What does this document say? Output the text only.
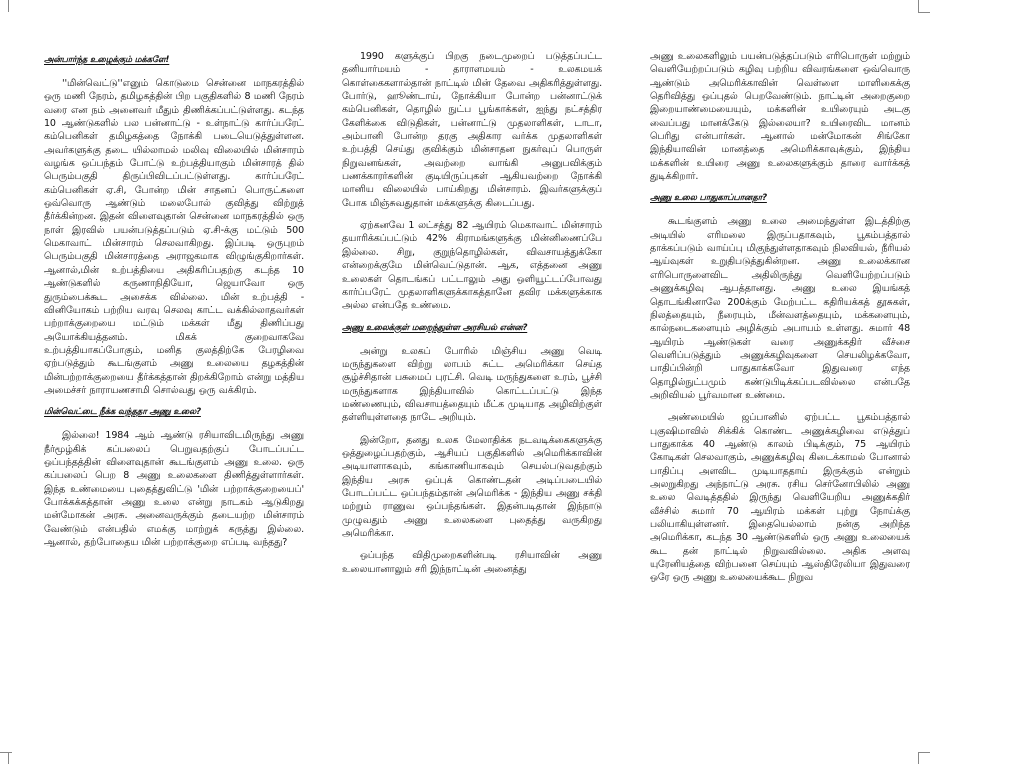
அன்பார்ந்த உழைக்கும் மக்களே!

''மின்வெட்டு''எனும் கொடுமை சென்னை மாநகரத்தில் ஒரு மணி நேரம், தமிழகத்தின் பிற பகுதிகளில் 8 மணி நேரம் வரை என நம் அனைவர் மீதும் திணிக்கப்பட்டுள்ளது. கடந்த 10 ஆண்டுகளில் பல பன்னாட்டு - உள்நாட்டு கார்ப்பரேட் கம்பெனிகள் தமிழகத்தை நோக்கி படையெடுத்துள்ளன. அவர்களுக்கு தடை யில்லாமல் மலிவு விலையில் மின்சாரம் வழங்க ஒப்பந்தம் போட்டு உற்பத்தியாகும் மின்சாரத் தில் பெரும்பகுதி திருப்பிவிடப்பட்டுள்ளது. கார்ப்பரேட் கம்பெனிகள் ஏ.சி, போன்ற மின் சாதனப் பொருட்களை ஒவ்வொரு ஆண்டும் மலைபோல் குவித்து விற்றுத் தீர்க்கின்றன. இதன் விளைவுதான் சென்னை மாநகரத்தில் ஒரு நாள் இரவில் பயன்படுத்தப்படும் ஏ.சி-க்கு மட்டும் 500 மெகாவாட் மின்சாரம் செலவாகிறது. இப்படி ஒருபுறம் பெரும்பகுதி மின்சாரத்தை அராஜகமாக விழுங்குகிறார்கள். ஆனால்,மின் உற்பத்தியை அதிகரிப்பதற்கு கடந்த 10 ஆண்டுகளில் கருணாநிதியோ, ஜெயாவோ ஒரு துரும்பைக்கூட அசைக்க வில்லை. மின் உற்பத்தி - வினியோகம் பற்றிய வரவு செலவு காட்ட வக்கில்லாதவர்கள் பற்றாக்குறையை மட்டும் மக்கள் மீது திணிப்பது அயோக்கியத்தனம். மிகக் குறைவாகவே உற்பத்தியாகப்போகும், மனித குலத்திற்கே பேரழிவை ஏற்படுத்தும் கூடங்குளம் அணு உலையை தழகத்தின் மின்பற்றாக்குறையை தீர்க்கத்தான் திறக்கிறோம் என்று மத்திய அமைச்சர் நாராயணசாமி சொல்வது ஒரு வக்கிரம்.

மின்வெட்டை நீக்க வந்ததா அணு உலை?

இல்லை! 1984 ஆம் ஆண்டு ரசியாவிடமிருந்து அணு நீர்மூழ்கிக் கப்பலைப் பெறுவதற்குப் போடப்பட்ட ஒப்பந்தத்தின் விளைவுதான் கூடங்குளம் அணு உலை. ஒரு கப்பலைப் பெற 8 அணு உலைகளை திணித்துள்ளார்கள். இந்த உண்மையை புதைத்துவிட்டு 'மின் பற்றாக்குறையைப்' போக்கக்கத்தான் அணு உலை என்று நாடகம் ஆடுகிறது மன்மோகன் அரசு. அனைவருக்கும் தடையற்ற மின்சாரம் வேண்டும் என்பதில் எமக்கு மாற்றுக் கருத்து இல்லை. ஆனால், தற்போதைய மின் பற்றாக்குறை எப்படி வந்தது?

1990 களுக்குப் பிறகு நடைமுறைப் படுத்தப்பட்ட தனியார்மயம் - தாராளமயம் - உலகமயக் கொள்கைகளால்தான் நாட்டில் மின் தேவை அதிகரித்துள்ளது. போர்டு, ஹூண்டாய், நோக்கியா போன்ற பன்னாட்டுக் கம்பெனிகள், தொழில் நுட்ப பூங்காக்கள், ஐந்து நட்சத்திர கேளிக்கை விடுதிகள், பன்னாட்டு முதலாளிகள், டாடா, அம்பானி போன்ற தரகு அதிகார வர்க்க முதலாளிகள் உற்பத்தி செய்து குவிக்கும் மின்சாதன நுகர்வுப் பொருள் நிறுவனங்கள், அவற்றை வாங்கி அனுபவிக்கும் பணக்காரர்களின் குடியிருப்புகள் ஆகியவற்றை நோக்கி மானிய விலையில் பாய்கிறது மின்சாரம். இவர்களுக்குப் போக மிஞ்சுவதுதான் மக்களுக்கு கிடைப்பது.

ஏற்கனவே 1 லட்சத்து 82 ஆயிரம் மெகாவாட் மின்சாரம் தயாரிக்கப்பட்டும் 42% கிராமங்களுக்கு மின்னிணைப்பே இல்லை. சிறு, குறுந்தொழில்கள், விவசாயத்துக்கோ என்றைக்குமே மின்வெட்டுதான். ஆக, எத்தனை அணு உலைகள் தொடங்கப் பட்டாலும் அது ஒளியூட்டப்போவது கார்ப்பரேட் முதலாளிகளுக்காகத்தானே தவிர மக்களுக்காக அல்ல என்பதே உண்மை.

அணு உலைக்குள் மறைந்துள்ள அரசியல் என்ன?

அன்று உலகப் போரில் மிஞ்சிய அணு வெடி மருந்துகளை விற்று லாபம் சுட்ட அமெரிக்கா செய்த சூழ்ச்சிதான் பசுமைப் புரட்சி. வெடி மருந்துகளை உரம், பூச்சி மருந்துகளாக இந்தியாவில் கொட்டப்பட்டு இந்த மண்ணையும், விவசாயத்தையும் மீட்க முடியாத அழிவிற்குள் தள்ளியுள்ளதை நாடே அறியும்.

இன்றோ, தனது உலக மேலாதிக்க நடவடிக்கைகளுக்கு ஒத்துழைப்பதற்கும், ஆசியப் பகுதிகளில் அமெரிக்காவின் அடியாளாகவும், கங்காணியாகவும் செயல்படுவதற்கும் இந்திய அரசு ஒப்புக் கொண்டதன் அடிப்படையில் போடப்பட்ட ஒப்பந்தம்தான் அமெரிக்க - இந்திய அணு சக்தி மற்றும் ராணுவ ஒப்பந்தங்கள். இதன்படிதான் இந்நாடு முழுவதும் அணு உலைகளை புதைத்து வருகிறது அமெரிக்கா.

ஒப்பந்த விதிமுறைகளின்படி ரசியாவின் அணு உலையானாலும் சரி இந்நாட்டின் அனைத்து

அணு உலைகளிலும் பயன்படுத்தப்படும் எரிபொருள் மற்றும் வெளியேற்றப்படும் கழிவு பற்றிய விவரங்களை ஒவ்வொரு ஆண்டும் அமெரிக்காவின் வெள்ளை மாளிகைக்கு தெரிவித்து ஒப்புதல் பெறவேண்டும். நாட்டின் அறைகுறை இறையாண்மையையும், மக்களின் உயிரையும் அடகு வைப்பது மானக்கேடு இல்லையா? உயிரைவிட மானம் பெரிது என்பார்கள். ஆனால் மன்மோகன் சிங்கோ இந்தியாவின் மானத்தை அமெரிக்காவுக்கும், இந்திய மக்களின் உயிரை அணு உலைகளுக்கும் தாரை வார்க்கத் துடிக்கிறார்.

அணு உலை பாதுகாப்பானதா?

கூடங்குளம் அணு உலை அமைந்துள்ள இடத்திற்கு அடியில் எரிமலை இருப்பதாகவும், பூகம்பத்தால் தாக்கப்படும் வாய்ப்பு மிகுந்துள்ளதாகவும் நிலவியல், நீரியல் ஆய்வுகள் உறுதிபடுத்துகின்றன. அணு உலைக்கான எரிபொருளைவிட அதிலிருந்து வெளியேற்றப்படும் அணுக்கழிவு ஆபத்தானது. அணு உலை இயங்கத் தொடங்கினாலே 200க்கும் மேற்பட்ட கதிரியக்கத் தூசுகள், நிலத்தையும், நீரையும், மீன்வளத்தையும், மக்களையும், கால்நடைகளையும் அழிக்கும் அபாயம் உள்ளது. சுமார் 48 ஆயிரம் ஆண்டுகள் வரை அணுக்கதிர் வீச்சை வெளிப்படுத்தும் அணுக்கழிவுகளை செயலிழக்கவோ, பாதிப்பின்றி பாதுகாக்கவோ இதுவரை எந்த தொழில்நுட்பமும் கண்டுபிடிக்கப்படவில்லை என்பதே அறிவியல் பூர்வமான உண்மை.

அண்மையில் ஜப்பானில் ஏற்பட்ட பூகம்பத்தால் புகுஷிமாவில் சிக்கிக் கொண்ட அணுக்கழிவை எடுத்துப் பாதுகாக்க 40 ஆண்டு காலம் பிடிக்கும், 75 ஆயிரம் கோடிகள் செலவாகும், அணுக்கழிவு கிடைக்காமல் போனால் பாதிப்பு அளவிட முடியாததாய் இருக்கும் என்றும் அலறுகிறது அந்நாட்டு அரசு. ரசிய செர்னோபிலில் அணு உலை வெடித்ததில் இருந்து வெளியேறிய அணுக்கதிர் வீச்சில் சுமார் 70 ஆயிரம் மக்கள் புற்று நோய்க்கு பலியாகியுள்ளனர். இதையெல்லாம் நன்கு அறிந்த அமெரிக்கா, கடந்த 30 ஆண்டுகளில் ஒரு அணு உலையைக் கூட தன் நாட்டில் நிறுவவில்லை. அதிக அளவு யுரேனியத்தை விற்பனை செய்யும் ஆஸ்திரேலியா இதுவரை ஒரே ஒரு அணு உலையைக்கூட நிறுவ
